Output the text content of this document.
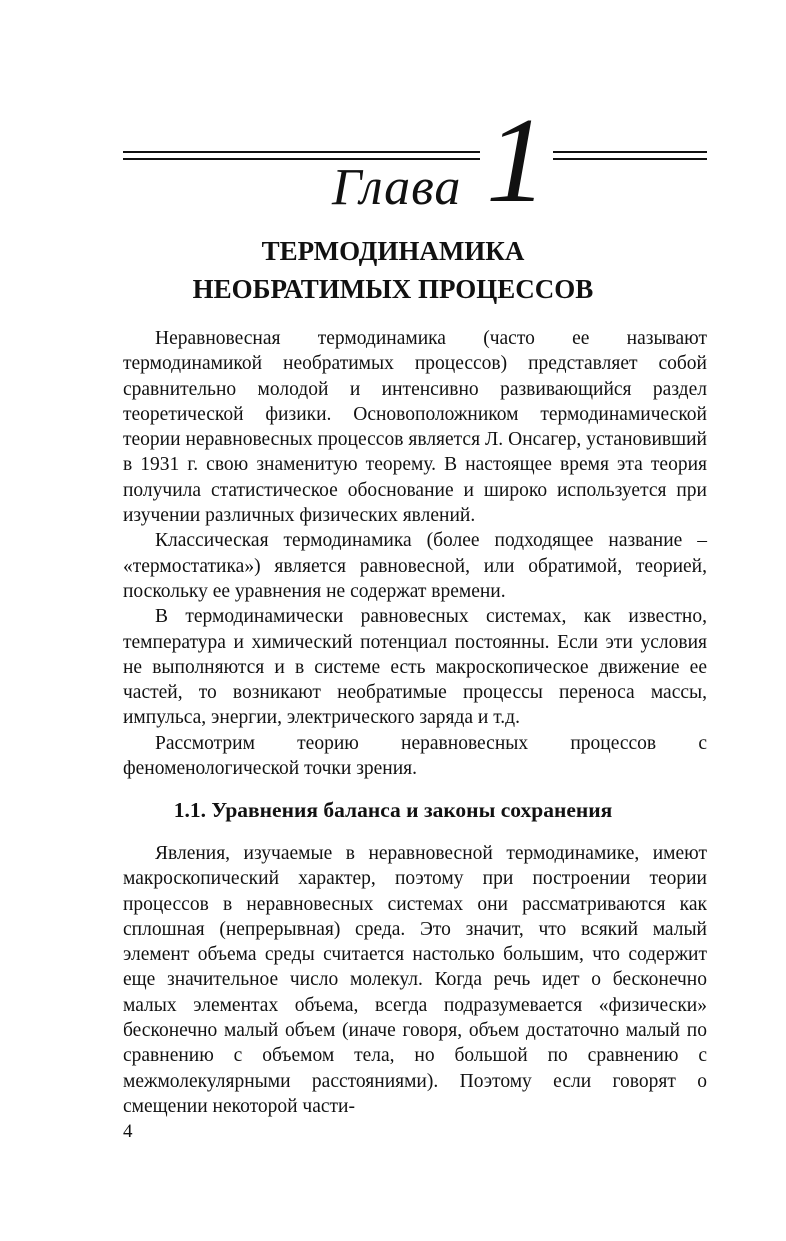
Глава 1
ТЕРМОДИНАМИКА
НЕОБРАТИМЫХ ПРОЦЕССОВ

Неравновесная термодинамика (часто ее называют термодинамикой необратимых процессов) представляет собой сравнительно молодой и интенсивно развивающийся раздел теоретической физики. Основоположником термодинамической теории неравновесных процессов является Л. Онсагер, установивший в 1931 г. свою знаменитую теорему. В настоящее время эта теория получила статистическое обоснование и широко используется при изучении различных физических явлений.

Классическая термодинамика (более подходящее название – «термостатика») является равновесной, или обратимой, теорией, поскольку ее уравнения не содержат времени.

В термодинамически равновесных системах, как известно, температура и химический потенциал постоянны. Если эти условия не выполняются и в системе есть макроскопическое движение ее частей, то возникают необратимые процессы переноса массы, импульса, энергии, электрического заряда и т.д.

Рассмотрим теорию неравновесных процессов с феноменологической точки зрения.

1.1. Уравнения баланса и законы сохранения

Явления, изучаемые в неравновесной термодинамике, имеют макроскопический характер, поэтому при построении теории процессов в неравновесных системах они рассматриваются как сплошная (непрерывная) среда. Это значит, что всякий малый элемент объема среды считается настолько большим, что содержит еще значительное число молекул. Когда речь идет о бесконечно малых элементах объема, всегда подразумевается «физически» бесконечно малый объем (иначе говоря, объем достаточно малый по сравнению с объемом тела, но большой по сравнению с межмолекулярными расстояниями). Поэтому если говорят о смещении некоторой части-

4
